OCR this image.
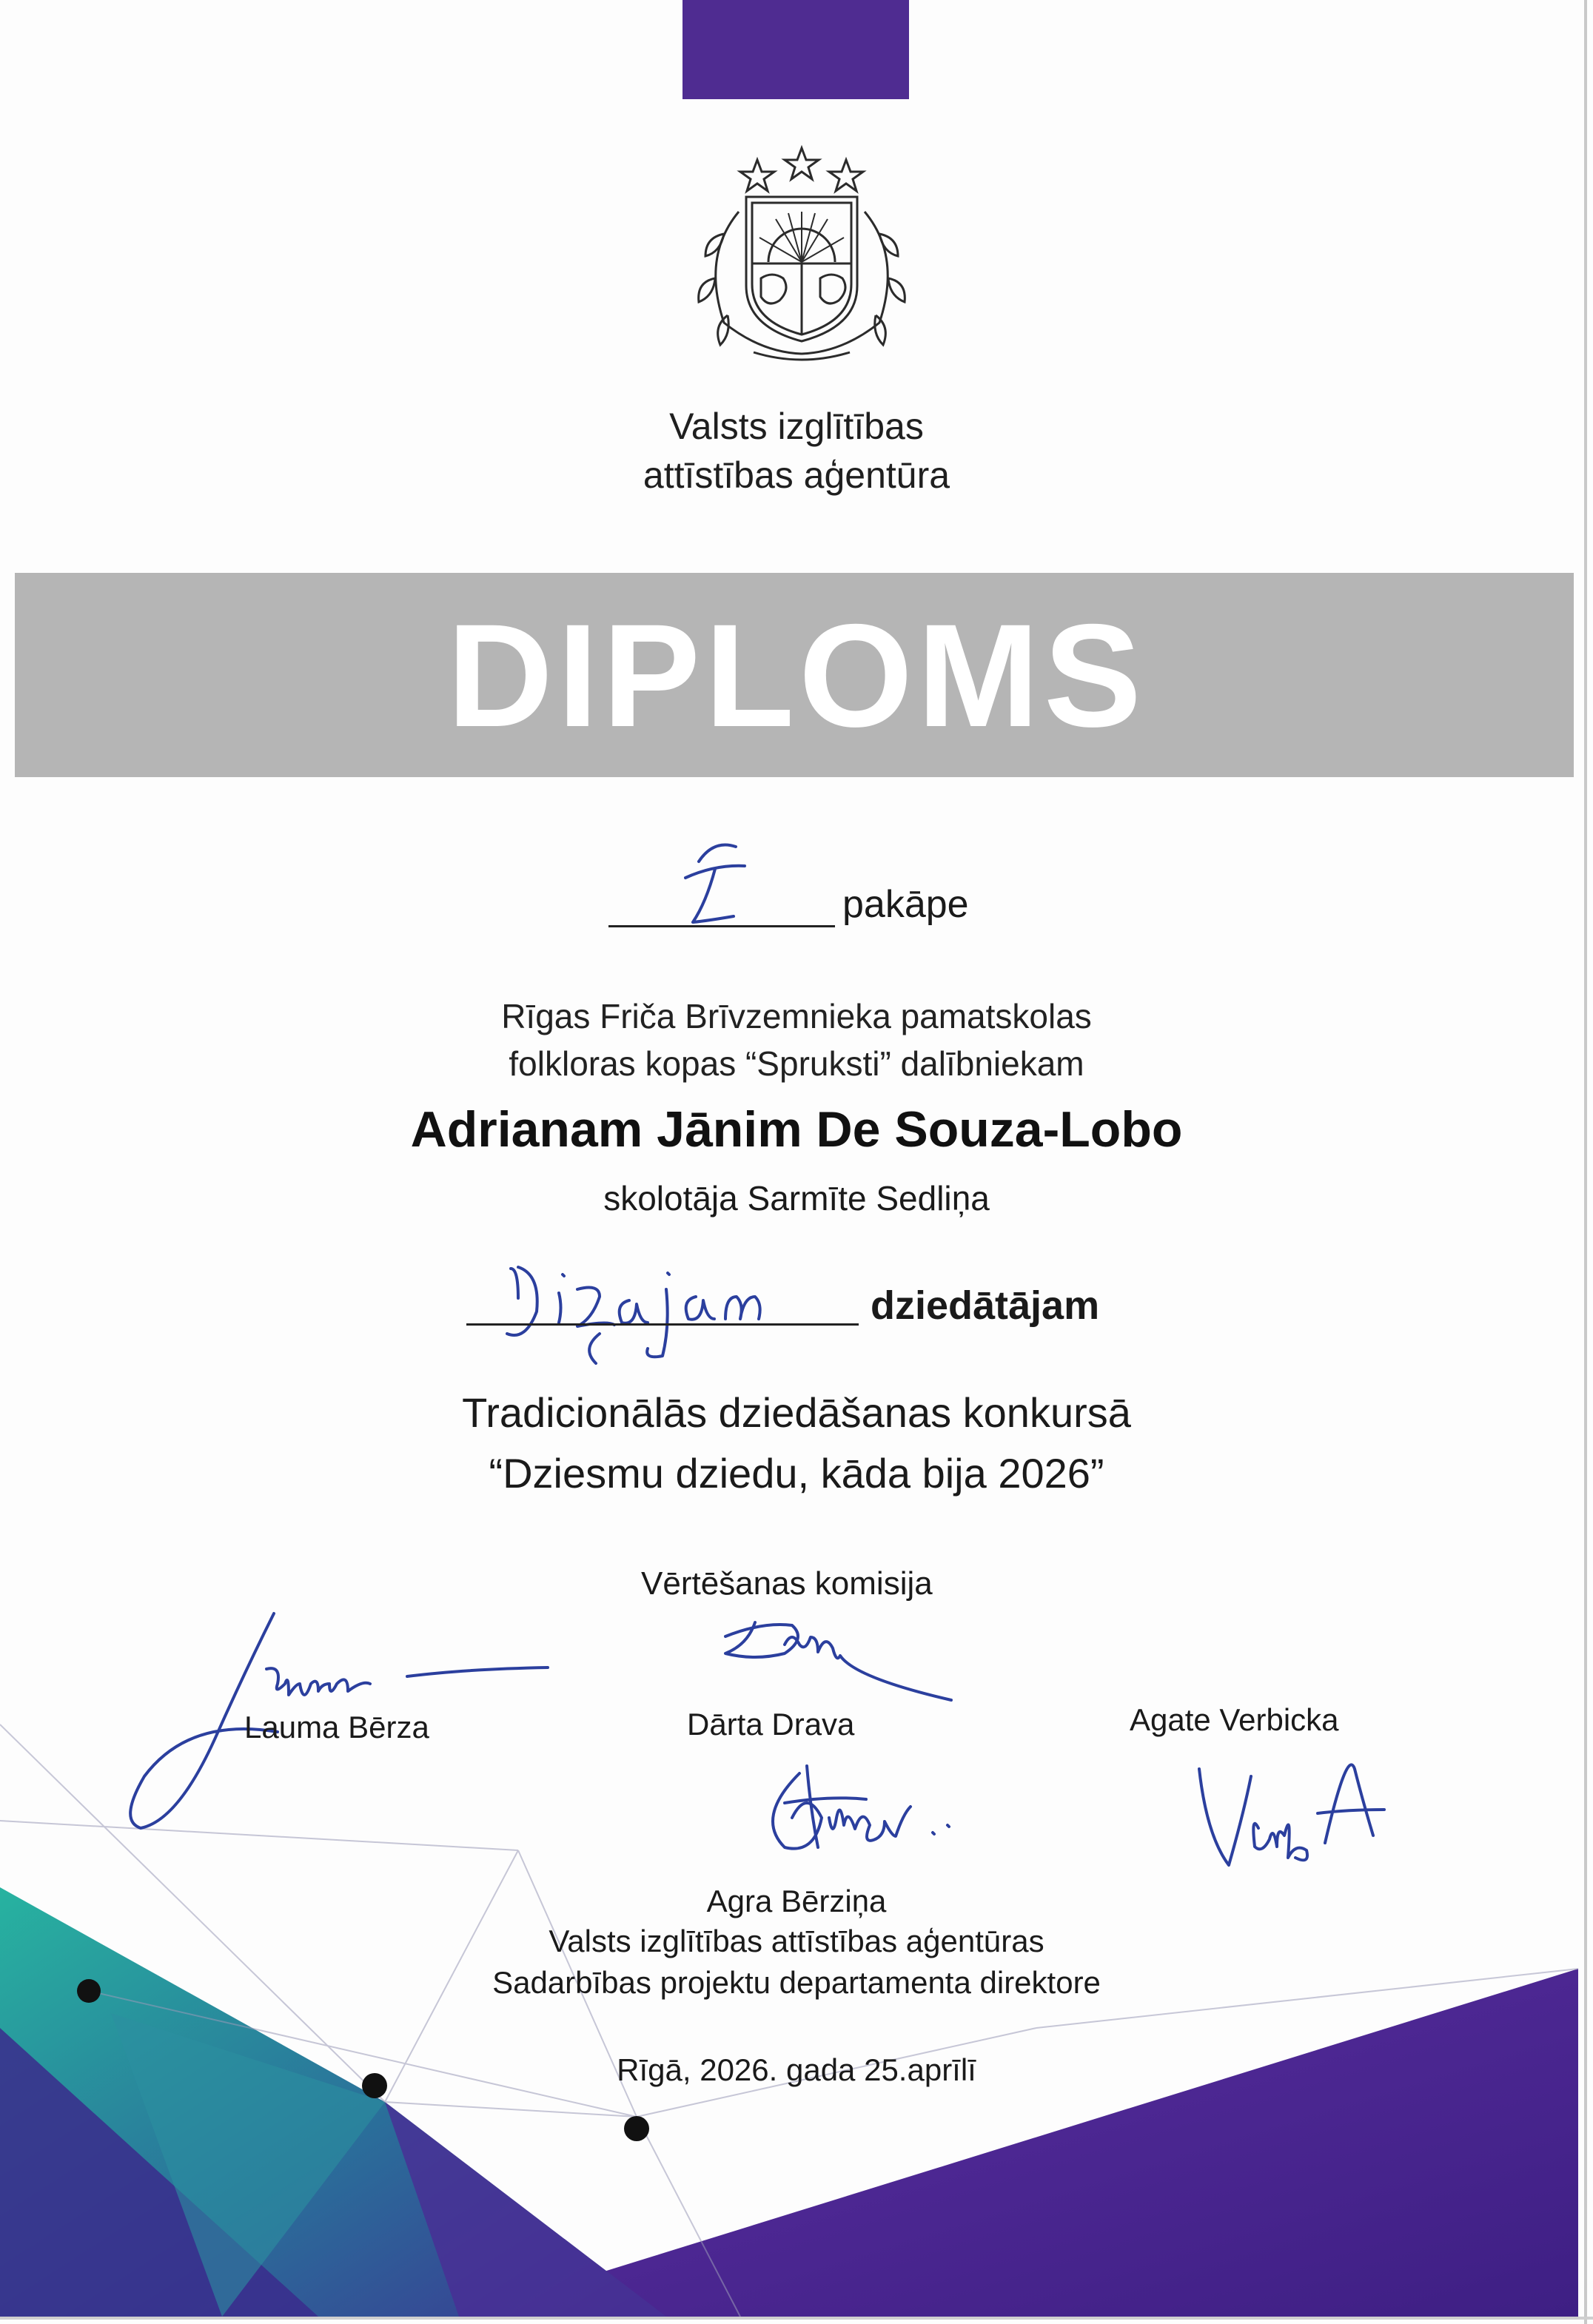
Valsts izglītības
attīstības aģentūra
DIPLOMS
pakāpe
Rīgas Friča Brīvzemnieka pamatskolas
folkloras kopas “Spruksti” dalībniekam
Adrianam Jānim De Souza-Lobo
skolotāja Sarmīte Sedliņa
dziedātājam
Tradicionālās dziedāšanas konkursā
“Dziesmu dziedu, kāda bija 2026”
Vērtēšanas komisija
Lauma Bērza	Dārta Drava	Agate Verbicka
Agra Bērziņa
Valsts izglītības attīstības aģentūras
Sadarbības projektu departamenta direktore
Rīgā, 2026. gada 25.aprīlī
